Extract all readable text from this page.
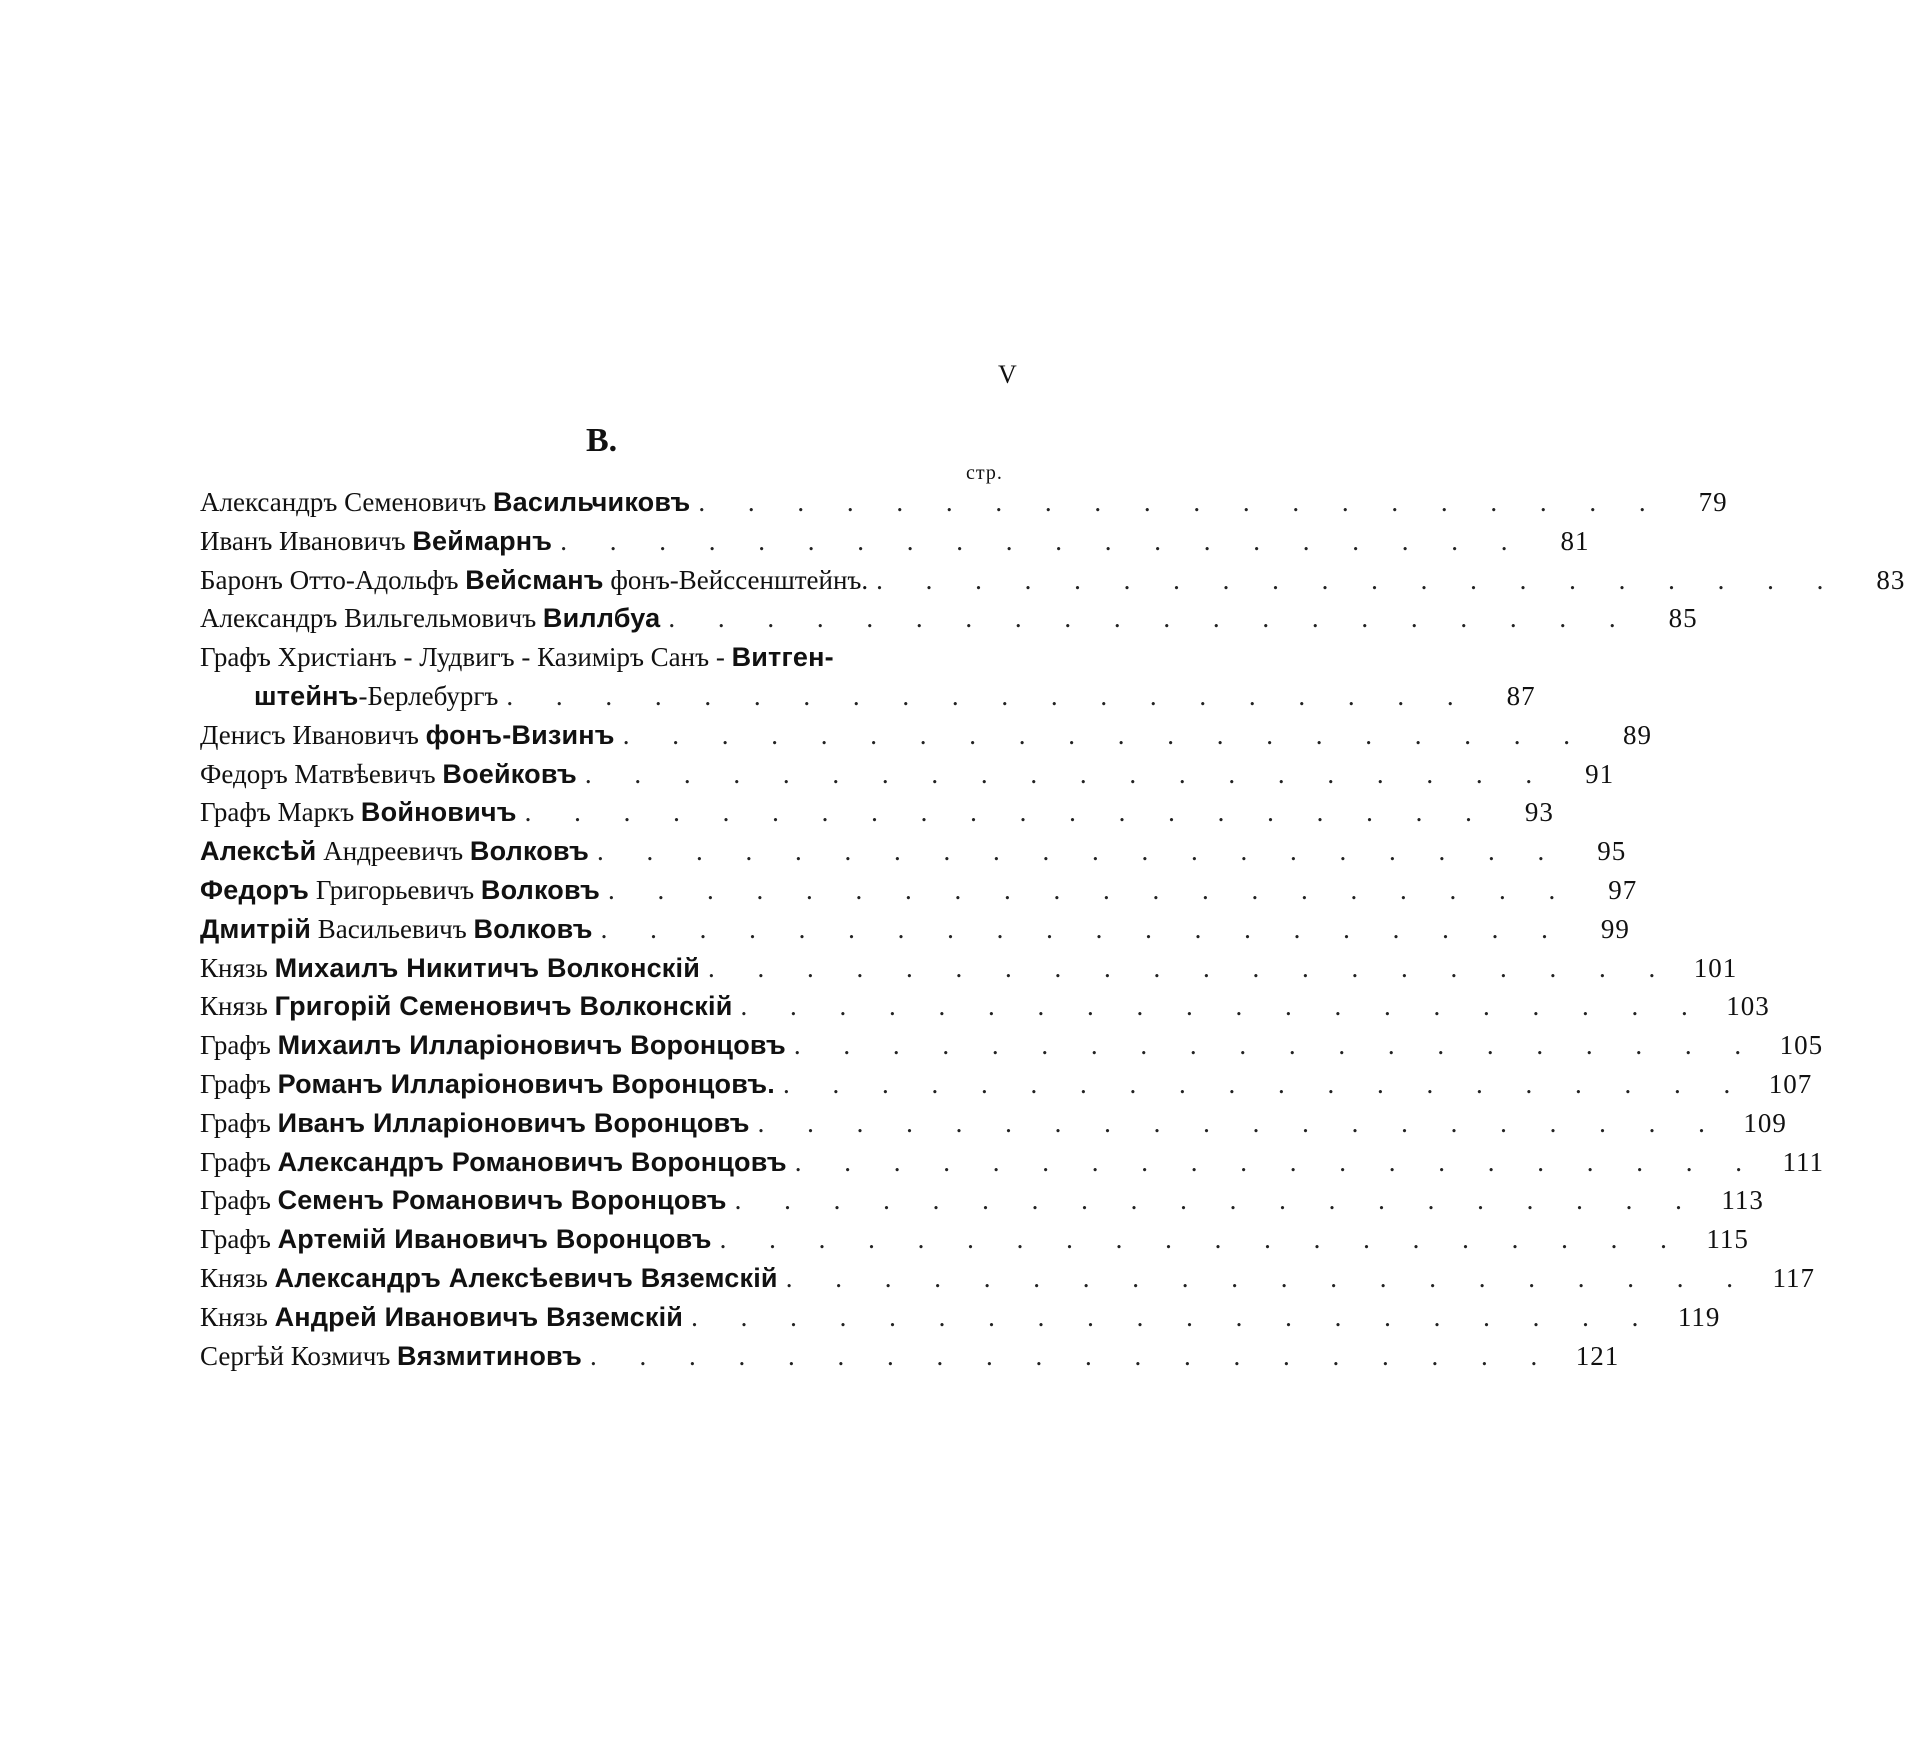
V
В.
стр.
Александръ Семеновичъ Васильчиковъ . . . . . . . . . . . . . . . . . . . .	79
Иванъ Ивановичъ Веймарнъ . . . . . . . . . . . . . . . . . . . .	81
Баронъ Отто-Адольфъ Вейсманъ фонъ-Вейссенштейнъ. . . . . . . . . . . . . . . . . . . . .	83
Александръ Вильгельмовичъ Виллбуа . . . . . . . . . . . . . . . . . . . .	85
Графъ Христіанъ - Лудвигъ - Казиміръ Санъ - Витген-
штейнъ-Берлебургъ . . . . . . . . . . . . . . . . . . . .	87
Денисъ Ивановичъ фонъ-Визинъ . . . . . . . . . . . . . . . . . . . .	89
Федоръ Матвѣевичъ Воейковъ . . . . . . . . . . . . . . . . . . . .	91
Графъ Маркъ Войновичъ . . . . . . . . . . . . . . . . . . . .	93
Алексѣй Андреевичъ Волковъ . . . . . . . . . . . . . . . . . . . .	95
Федоръ Григорьевичъ Волковъ . . . . . . . . . . . . . . . . . . . .	97
Дмитрій Васильевичъ Волковъ . . . . . . . . . . . . . . . . . . . .	99
Князь Михаилъ Никитичъ Волконскій . . . . . . . . . . . . . . . . . . . . 101
Князь Григорій Семеновичъ Волконскій . . . . . . . . . . . . . . . . . . . . 103
Графъ Михаилъ Илларіоновичъ Воронцовъ . . . . . . . . . . . . . . . . . . . . 105
Графъ Романъ Илларіоновичъ Воронцовъ. . . . . . . . . . . . . . . . . . . . . 107
Графъ Иванъ Илларіоновичъ Воронцовъ . . . . . . . . . . . . . . . . . . . . 109
Графъ Александръ Романовичъ Воронцовъ . . . . . . . . . . . . . . . . . . . . 111
Графъ Семенъ Романовичъ Воронцовъ . . . . . . . . . . . . . . . . . . . . 113
Графъ Артемій Ивановичъ Воронцовъ . . . . . . . . . . . . . . . . . . . . 115
Князь Александръ Алексѣевичъ Вяземскій . . . . . . . . . . . . . . . . . . . . 117
Князь Андрей Ивановичъ Вяземскій . . . . . . . . . . . . . . . . . . . . 119
Сергѣй Козмичъ Вязмитиновъ . . . . . . . . . . . . . . . . . . . . 121
